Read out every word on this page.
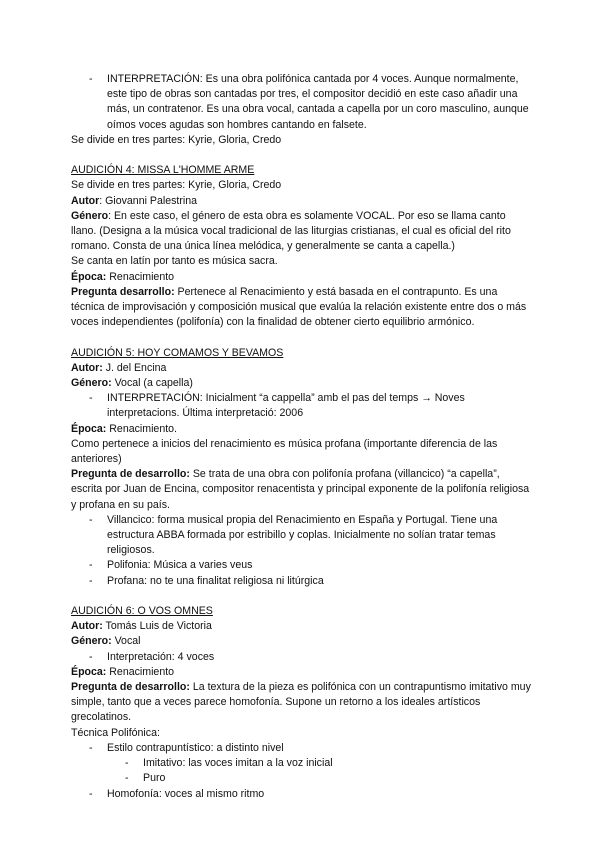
-	INTERPRETACIÓN: Es una obra polifónica cantada por 4 voces. Aunque normalmente, este tipo de obras son cantadas por tres, el compositor decidió en este caso añadir una más, un contratenor. Es una obra vocal, cantada a capella por un coro masculino, aunque oímos voces agudas son hombres cantando en falsete.

Se divide en tres partes: Kyrie, Gloria, Credo

AUDICIÓN 4: MISSA L'HOMME ARME

Se divide en tres partes: Kyrie, Gloria, Credo

Autor: Giovanni Palestrina

Género: En este caso, el género de esta obra es solamente VOCAL. Por eso se llama canto llano. (Designa a la música vocal tradicional de las liturgias cristianas, el cual es oficial del rito romano. Consta de una única línea melódica, y generalmente se canta a capella.)

Se canta en latín por tanto es música sacra.

Época: Renacimiento

Pregunta desarrollo: Pertenece al Renacimiento y está basada en el contrapunto. Es una técnica de improvisación y composición musical que evalúa la relación existente entre dos o más voces independientes (polifonía) con la finalidad de obtener cierto equilibrio armónico.

AUDICIÓN 5: HOY COMAMOS Y BEVAMOS

Autor: J. del Encina

Género: Vocal (a capella)

-	INTERPRETACIÓN: Inicialment “a cappella” amb el pas del temps → Noves interpretacions. Última interpretació: 2006

Época: Renacimiento.

Como pertenece a inicios del renacimiento es música profana (importante diferencia de las anteriores)

Pregunta de desarrollo: Se trata de una obra con polifonía profana (villancico) “a capella”, escrita por Juan de Encina, compositor renacentista y principal exponente de la polifonía religiosa y profana en su país.

-	Villancico: forma musical propia del Renacimiento en España y Portugal. Tiene una estructura ABBA formada por estribillo y coplas. Inicialmente no solían tratar temas religiosos.
-	Polifonia: Música a varies veus
-	Profana: no te una finalitat religiosa ni litúrgica

AUDICIÓN 6: O VOS OMNES

Autor: Tomás Luis de Victoria

Género: Vocal

-	Interpretación: 4 voces

Época: Renacimiento

Pregunta de desarrollo: La textura de la pieza es polifónica con un contrapuntismo imitativo muy simple, tanto que a veces parece homofonía. Supone un retorno a los ideales artísticos grecolatinos.

Técnica Polifónica:

-	Estilo contrapuntístico: a distinto nivel
-	Imitativo: las voces imitan a la voz inicial
-	Puro
-	Homofonía: voces al mismo ritmo
